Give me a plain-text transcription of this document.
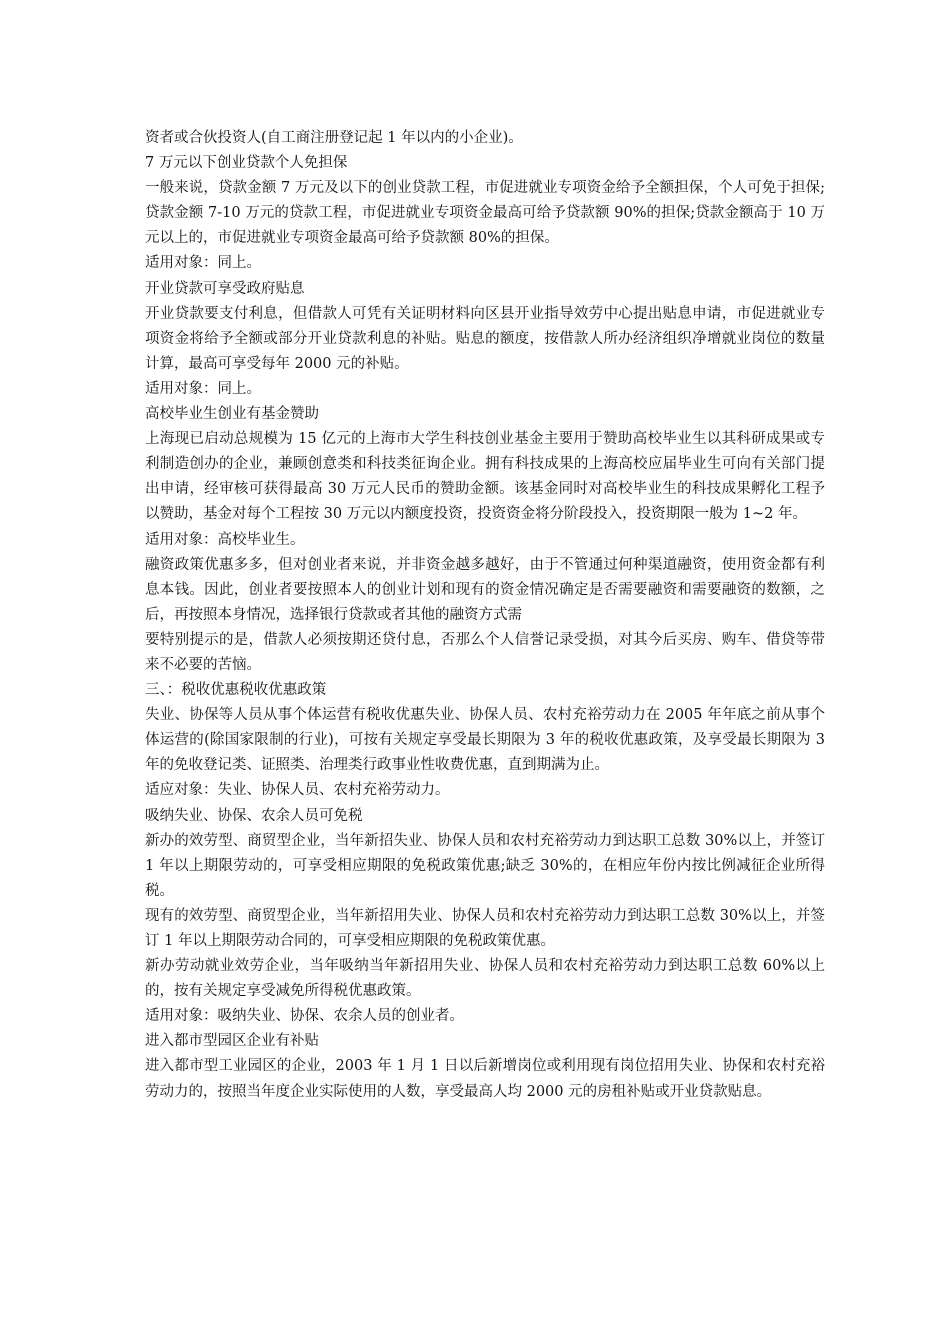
资者或合伙投资人(自工商注册登记起 1 年以内的小企业)。

7 万元以下创业贷款个人免担保

一般来说，贷款金额 7 万元及以下的创业贷款工程，市促进就业专项资金给予全额担保，个人可免于担保;贷款金额 7-10 万元的贷款工程，市促进就业专项资金最高可给予贷款额 90%的担保;贷款金额高于 10 万元以上的，市促进就业专项资金最高可给予贷款额 80%的担保。

适用对象：同上。

开业贷款可享受政府贴息

开业贷款要支付利息，但借款人可凭有关证明材料向区县开业指导效劳中心提出贴息申请，市促进就业专项资金将给予全额或部分开业贷款利息的补贴。贴息的额度，按借款人所办经济组织净增就业岗位的数量计算，最高可享受每年 2000 元的补贴。

适用对象：同上。

高校毕业生创业有基金赞助

上海现已启动总规模为 15 亿元的上海市大学生科技创业基金主要用于赞助高校毕业生以其科研成果或专利制造创办的企业，兼顾创意类和科技类征询企业。拥有科技成果的上海高校应届毕业生可向有关部门提出申请，经审核可获得最高 30 万元人民币的赞助金额。该基金同时对高校毕业生的科技成果孵化工程予以赞助，基金对每个工程按 30 万元以内额度投资，投资资金将分阶段投入，投资期限一般为 1~2 年。

适用对象：高校毕业生。

融资政策优惠多多，但对创业者来说，并非资金越多越好，由于不管通过何种渠道融资，使用资金都有利息本钱。因此，创业者要按照本人的创业计划和现有的资金情况确定是否需要融资和需要融资的数额，之后，再按照本身情况，选择银行贷款或者其他的融资方式需

要特别提示的是，借款人必须按期还贷付息，否那么个人信誉记录受损，对其今后买房、购车、借贷等带来不必要的苦恼。

三、：税收优惠税收优惠政策

失业、协保等人员从事个体运营有税收优惠失业、协保人员、农村充裕劳动力在 2005 年年底之前从事个体运营的(除国家限制的行业)，可按有关规定享受最长期限为 3 年的税收优惠政策，及享受最长期限为 3 年的免收登记类、证照类、治理类行政事业性收费优惠，直到期满为止。

适应对象：失业、协保人员、农村充裕劳动力。

吸纳失业、协保、农余人员可免税

新办的效劳型、商贸型企业，当年新招失业、协保人员和农村充裕劳动力到达职工总数 30%以上，并签订 1 年以上期限劳动的，可享受相应期限的免税政策优惠;缺乏 30%的，在相应年份内按比例减征企业所得税。

现有的效劳型、商贸型企业，当年新招用失业、协保人员和农村充裕劳动力到达职工总数 30%以上，并签订 1 年以上期限劳动合同的，可享受相应期限的免税政策优惠。

新办劳动就业效劳企业，当年吸纳当年新招用失业、协保人员和农村充裕劳动力到达职工总数 60%以上的，按有关规定享受减免所得税优惠政策。

适用对象：吸纳失业、协保、农余人员的创业者。

进入都市型园区企业有补贴

进入都市型工业园区的企业，2003 年 1 月 1 日以后新增岗位或利用现有岗位招用失业、协保和农村充裕劳动力的，按照当年度企业实际使用的人数，享受最高人均 2000 元的房租补贴或开业贷款贴息。
